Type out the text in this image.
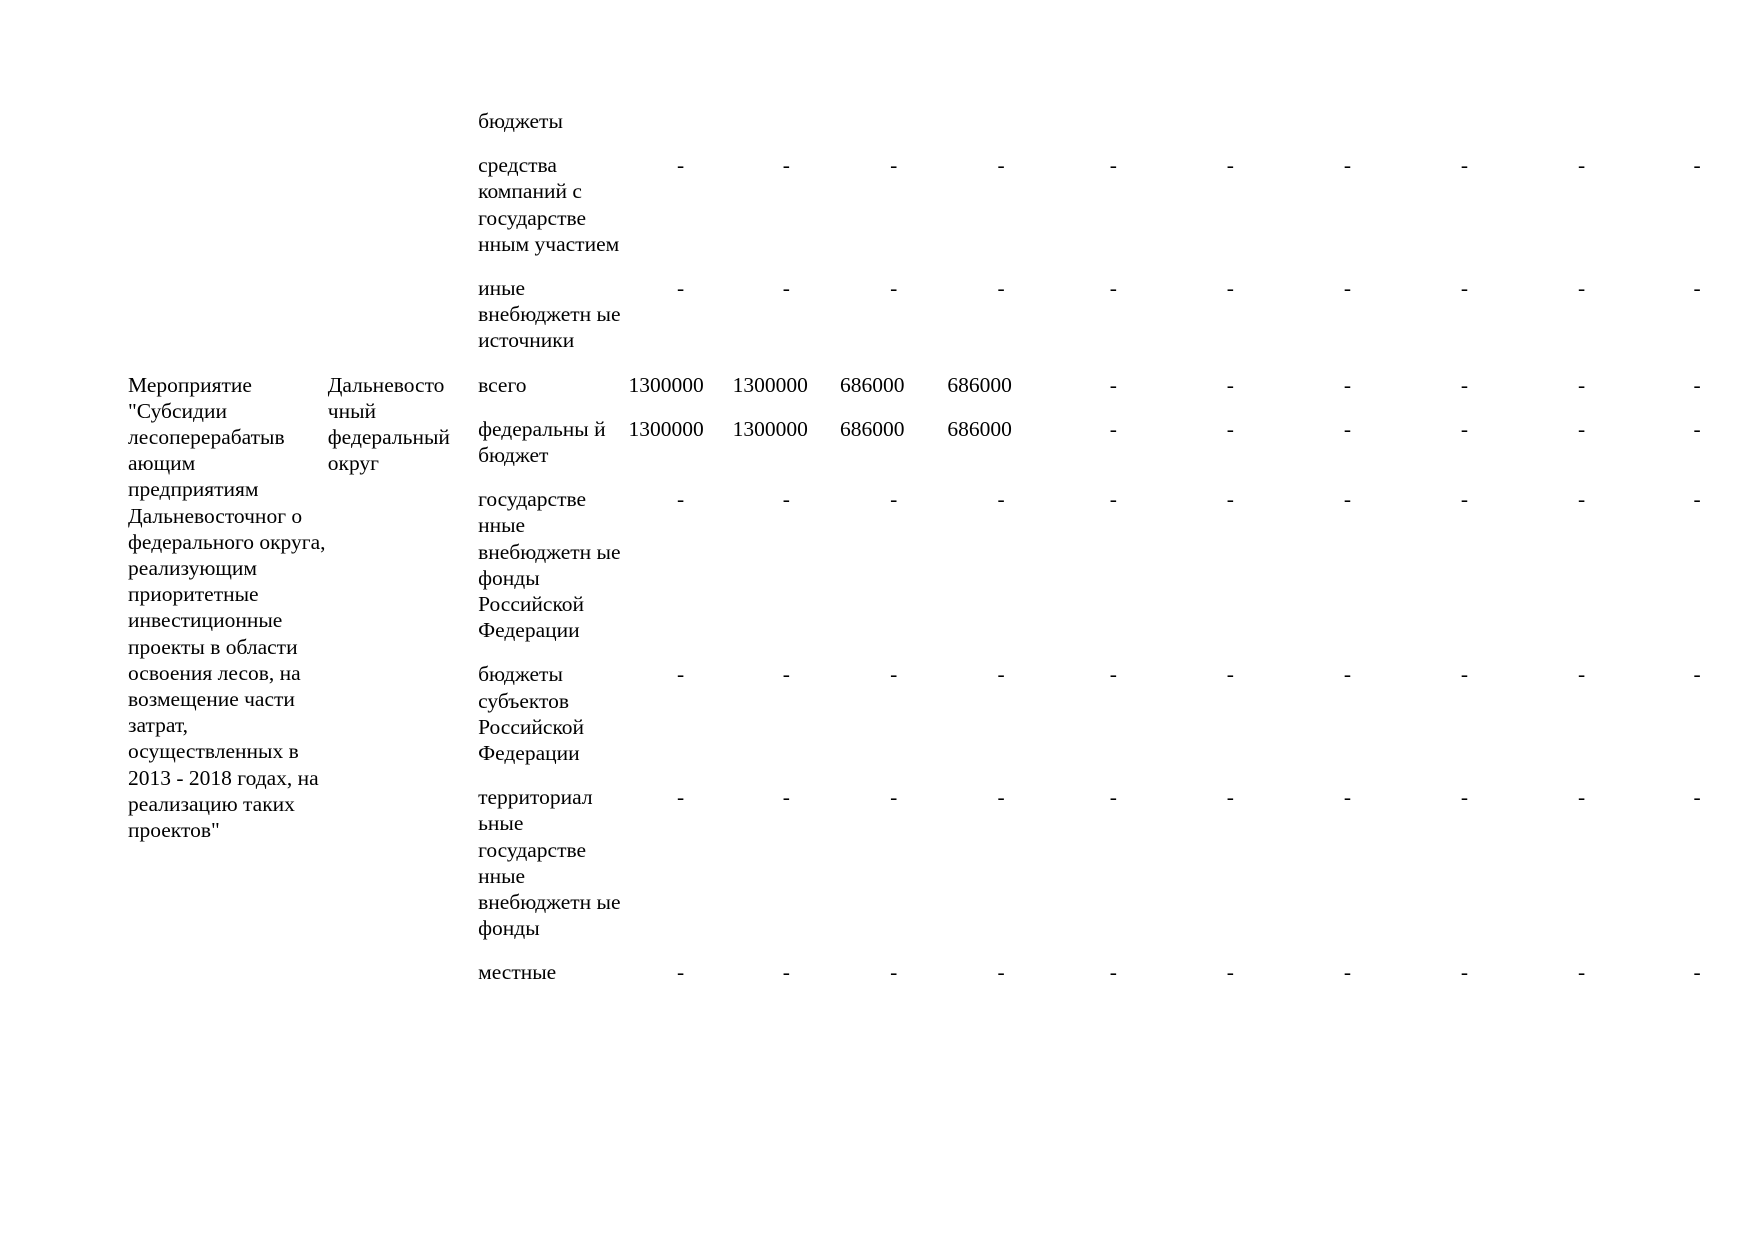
		бюджеты										

		средства компаний с государстве нным участием	-	-	-	-	-	-	-	-	-	-

		иные внебюджетн ые источники	-	-	-	-	-	-	-	-	-	-

Мероприятие "Субсидии лесоперерабатыв ающим предприятиям Дальневосточног о федерального округа, реализующим приоритетные инвестиционные проекты в области освоения лесов, на возмещение части затрат, осуществленных в 2013 - 2018 годах, на реализацию таких проектов"	Дальневосто чный федеральный округ	всего	1300000	1300000	686000	686000	-	-	-	-	-	-

		федеральны й бюджет	1300000	1300000	686000	686000	-	-	-	-	-	-

		государстве нные внебюджетн ые фонды Российской Федерации	-	-	-	-	-	-	-	-	-	-

		бюджеты субъектов Российской Федерации	-	-	-	-	-	-	-	-	-	-

		территориал ьные государстве нные внебюджетн ые фонды	-	-	-	-	-	-	-	-	-	-

		местные	-	-	-	-	-	-	-	-	-	-
